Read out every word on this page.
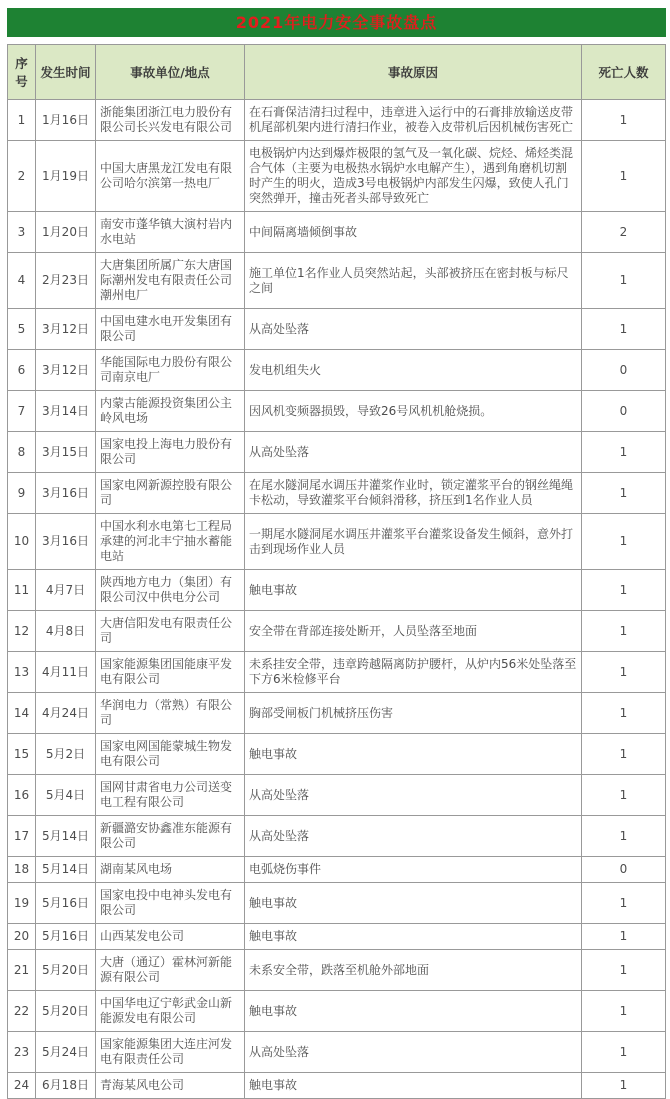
2021年电力安全事故盘点
序号	发生时间	事故单位/地点	事故原因	死亡人数
1	1月16日	浙能集团浙江电力股份有限公司长兴发电有限公司	在石膏保洁清扫过程中，违章进入运行中的石膏排放输送皮带机尾部机架内进行清扫作业，被卷入皮带机后因机械伤害死亡	1
2	1月19日	中国大唐黑龙江发电有限公司哈尔滨第一热电厂	电极锅炉内达到爆炸极限的氢气及一氧化碳、烷烃、烯烃类混合气体（主要为电极热水锅炉水电解产生），遇到角磨机切割时产生的明火，造成3号电极锅炉内部发生闪爆，致使人孔门突然弹开，撞击死者头部导致死亡	1
3	1月20日	南安市蓬华镇大演村岩内水电站	中间隔离墙倾倒事故	2
4	2月23日	大唐集团所属广东大唐国际潮州发电有限责任公司潮州电厂	施工单位1名作业人员突然站起，头部被挤压在密封板与标尺之间	1
5	3月12日	中国电建水电开发集团有限公司	从高处坠落	1
6	3月12日	华能国际电力股份有限公司南京电厂	发电机组失火	0
7	3月14日	内蒙古能源投资集团公主岭风电场	因风机变频器损毁，导致26号风机机舱烧损。	0
8	3月15日	国家电投上海电力股份有限公司	从高处坠落	1
9	3月16日	国家电网新源控股有限公司	在尾水隧洞尾水调压井灌浆作业时，锁定灌浆平台的钢丝绳绳卡松动，导致灌浆平台倾斜滑移，挤压到1名作业人员	1
10	3月16日	中国水利水电第七工程局承建的河北丰宁抽水蓄能电站	一期尾水隧洞尾水调压井灌浆平台灌浆设备发生倾斜，意外打击到现场作业人员	1
11	4月7日	陕西地方电力（集团）有限公司汉中供电分公司	触电事故	1
12	4月8日	大唐信阳发电有限责任公司	安全带在背部连接处断开，人员坠落至地面	1
13	4月11日	国家能源集团国能康平发电有限公司	未系挂安全带，违章跨越隔离防护腰杆，从炉内56米处坠落至下方6米检修平台	1
14	4月24日	华润电力（常熟）有限公司	胸部受闸板门机械挤压伤害	1
15	5月2日	国家电网国能蒙城生物发电有限公司	触电事故	1
16	5月4日	国网甘肃省电力公司送变电工程有限公司	从高处坠落	1
17	5月14日	新疆潞安协鑫准东能源有限公司	从高处坠落	1
18	5月14日	湖南某风电场	电弧烧伤事件	0
19	5月16日	国家电投中电神头发电有限公司	触电事故	1
20	5月16日	山西某发电公司	触电事故	1
21	5月20日	大唐（通辽）霍林河新能源有限公司	未系安全带，跌落至机舱外部地面	1
22	5月20日	中国华电辽宁彰武金山新能源发电有限公司	触电事故	1
23	5月24日	国家能源集团大连庄河发电有限责任公司	从高处坠落	1
24	6月18日	青海某风电公司	触电事故	1
